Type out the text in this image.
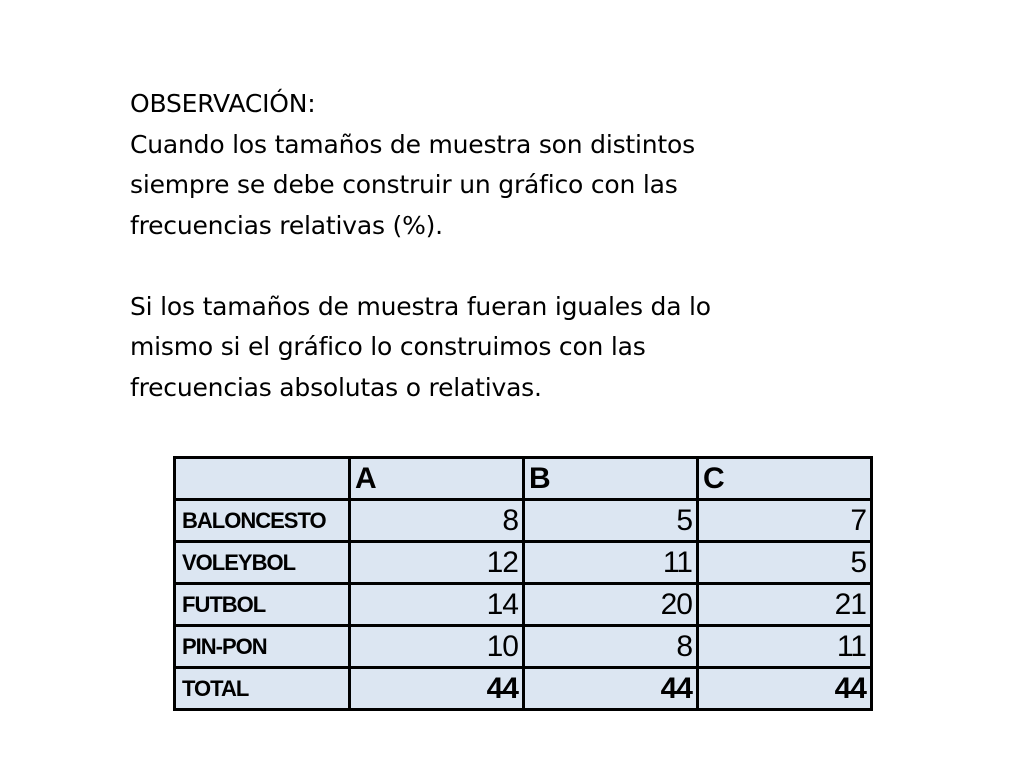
OBSERVACIÓN:
Cuando los tamaños de muestra son distintos
siempre se debe construir un gráfico con las
frecuencias relativas (%).
Si los tamaños de muestra fueran iguales da lo
mismo si el gráfico lo construimos con las
frecuencias absolutas o relativas.
	A	B	C
BALONCESTO	8	5	7
VOLEYBOL	12	11	5
FUTBOL	14	20	21
PIN-PON	10	8	11
TOTAL	44	44	44
